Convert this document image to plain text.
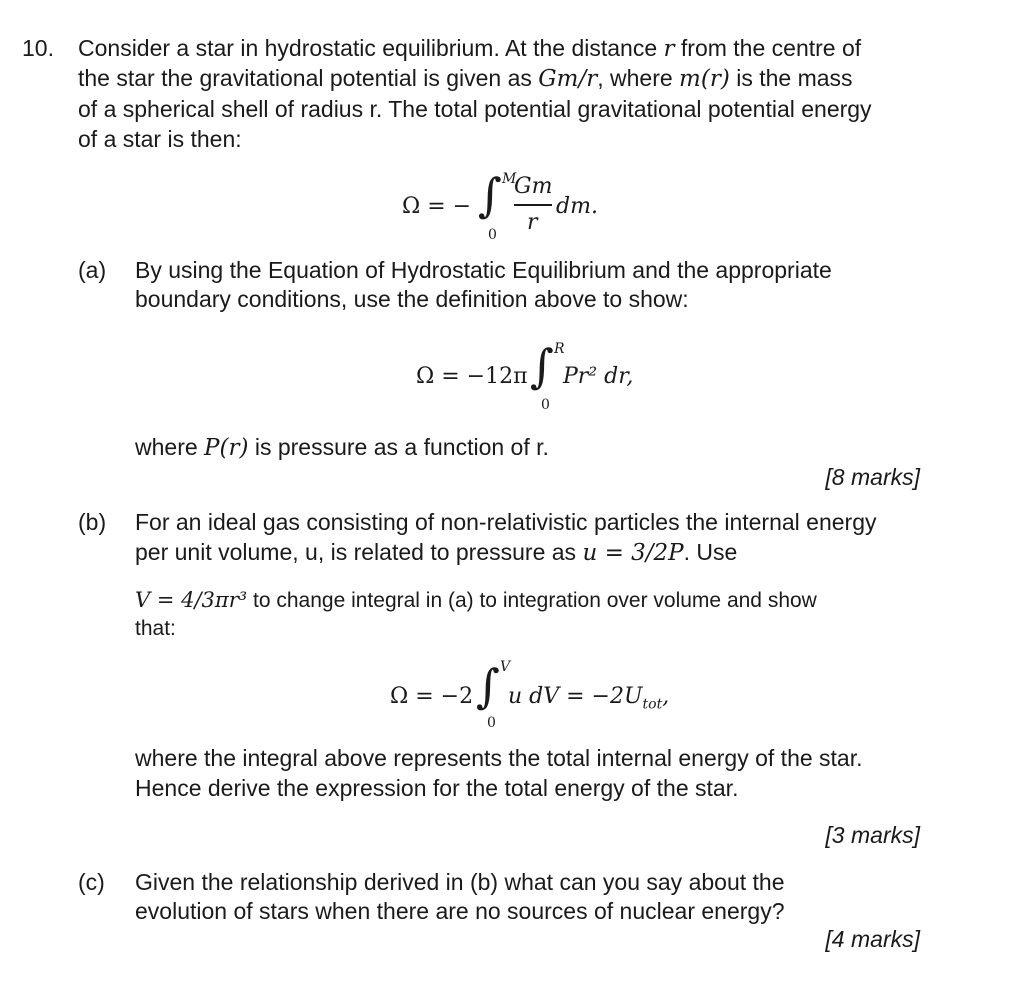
10. Consider a star in hydrostatic equilibrium. At the distance r from the centre of
the star the gravitational potential is given as Gm/r, where m(r) is the mass
of a spherical shell of radius r. The total potential gravitational potential energy
of a star is then:
Ω = − ∫ M
0
Gm
r
dm.
(a) By using the Equation of Hydrostatic Equilibrium and the appropriate
boundary conditions, use the definition above to show:
Ω = −12π ∫ R
0
Pr² dr,
where P(r) is pressure as a function of r.
[8 marks]
(b) For an ideal gas consisting of non-relativistic particles the internal energy
per unit volume, u, is related to pressure as u = 3/2P. Use
V = 4/3πr³ to change integral in (a) to integration over volume and show
that:
Ω = −2 ∫ V
0
u dV = $-2U_{tot}$,
where the integral above represents the total internal energy of the star.
Hence derive the expression for the total energy of the star.
[3 marks]
(c) Given the relationship derived in (b) what can you say about the
evolution of stars when there are no sources of nuclear energy?
[4 marks]
